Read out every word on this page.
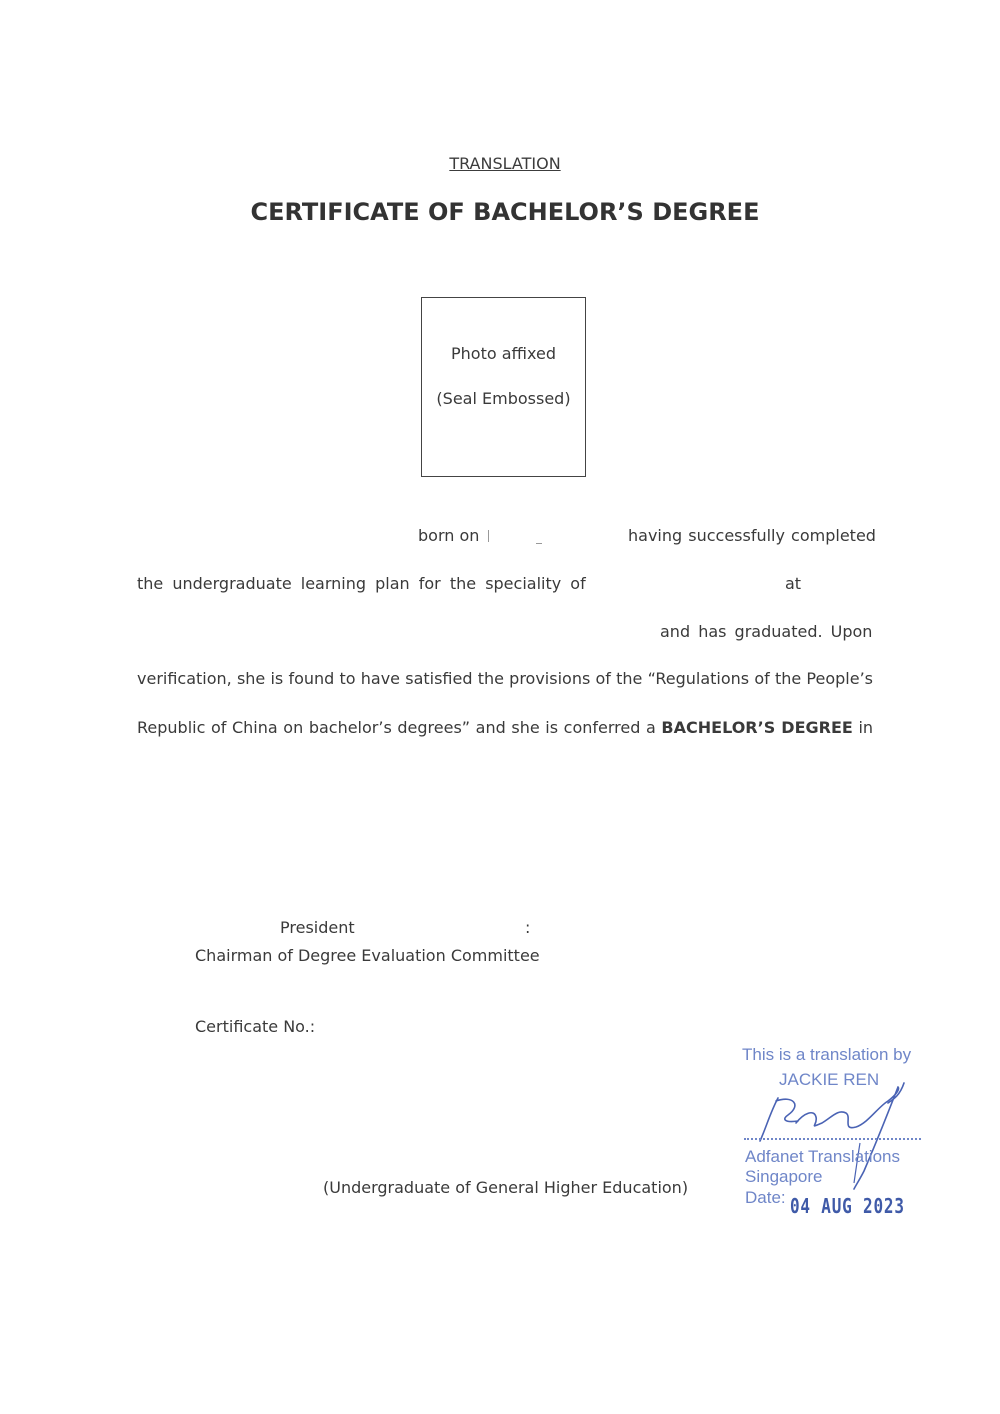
TRANSLATION
CERTIFICATE OF BACHELOR’S DEGREE
Photo affixed
(Seal Embossed)
born on	having successfully completed
the undergraduate learning plan for the speciality of	at
and has graduated. Upon
verification, she is found to have satisfied the provisions of the “Regulations of the People’s
Republic of China on bachelor’s degrees” and she is conferred a BACHELOR’S DEGREE in
President	:
Chairman of Degree Evaluation Committee
Certificate No.:
(Undergraduate of General Higher Education)
This is a translation by
JACKIE REN
Adfanet Translations
Singapore
Date: 04 AUG 2023
